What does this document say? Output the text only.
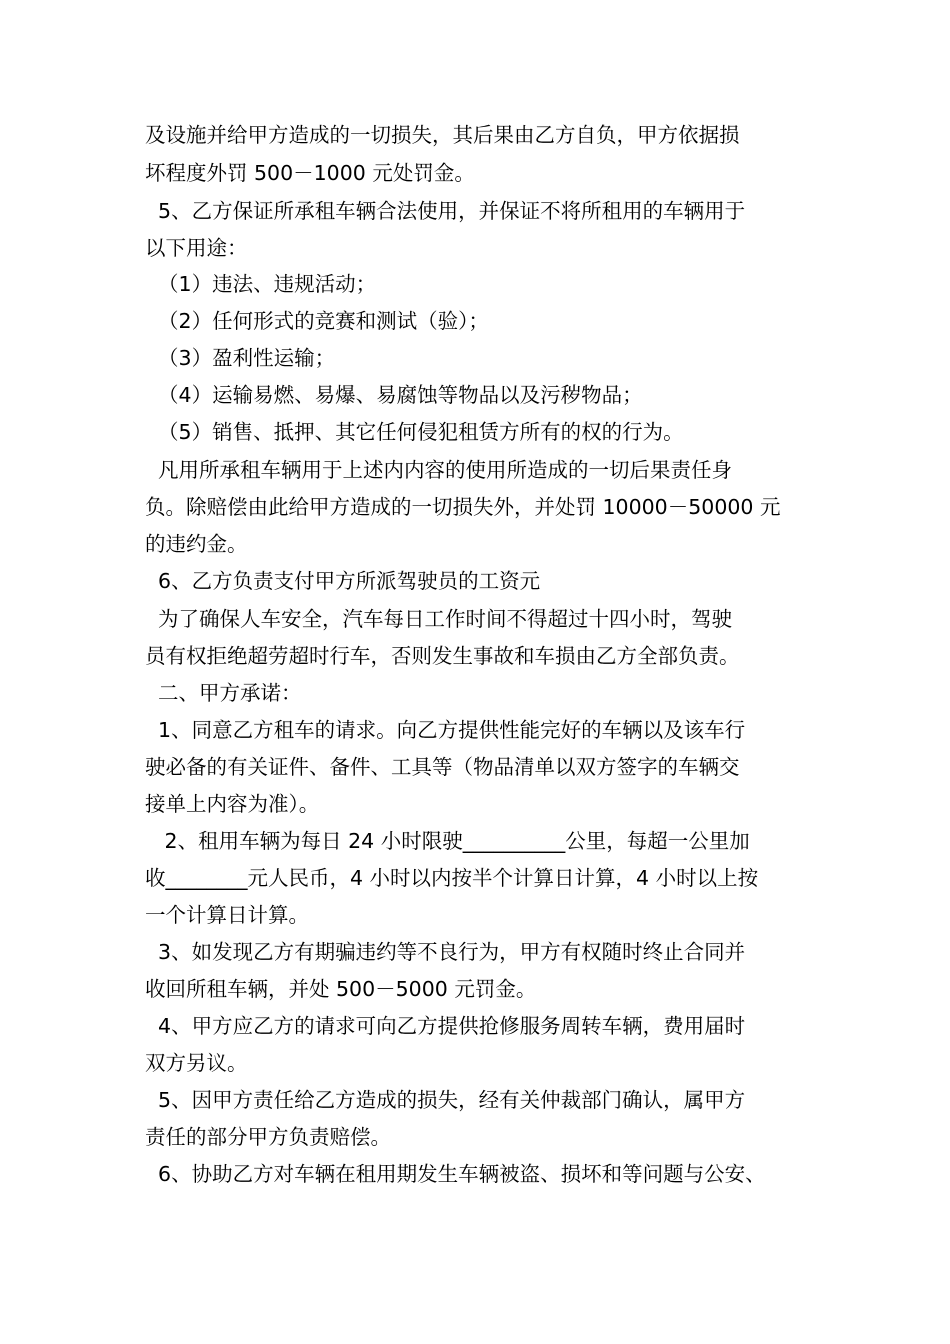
及设施并给甲方造成的一切损失，其后果由乙方自负，甲方依据损
坏程度外罚 500－1000 元处罚金。
5、乙方保证所承租车辆合法使用，并保证不将所租用的车辆用于
以下用途：
（1）违法、违规活动；
（2）任何形式的竞赛和测试（验）；
（3）盈利性运输；
（4）运输易燃、易爆、易腐蚀等物品以及污秽物品；
（5）销售、抵押、其它任何侵犯租赁方所有的权的行为。
凡用所承租车辆用于上述内内容的使用所造成的一切后果责任身
负。除赔偿由此给甲方造成的一切损失外，并处罚 10000－50000 元
的违约金。
6、乙方负责支付甲方所派驾驶员的工资元
为了确保人车安全，汽车每日工作时间不得超过十四小时，驾驶
员有权拒绝超劳超时行车，否则发生事故和车损由乙方全部负责。
二、甲方承诺：
1、同意乙方租车的请求。向乙方提供性能完好的车辆以及该车行
驶必备的有关证件、备件、工具等（物品清单以双方签字的车辆交
接单上内容为准）。
2、租用车辆为每日 24 小时限驶__________公里，每超一公里加
收________元人民币，4 小时以内按半个计算日计算，4 小时以上按
一个计算日计算。
3、如发现乙方有期骗违约等不良行为，甲方有权随时终止合同并
收回所租车辆，并处 500－5000 元罚金。
4、甲方应乙方的请求可向乙方提供抢修服务周转车辆，费用届时
双方另议。
5、因甲方责任给乙方造成的损失，经有关仲裁部门确认，属甲方
责任的部分甲方负责赔偿。
6、协助乙方对车辆在租用期发生车辆被盗、损坏和等问题与公安、
